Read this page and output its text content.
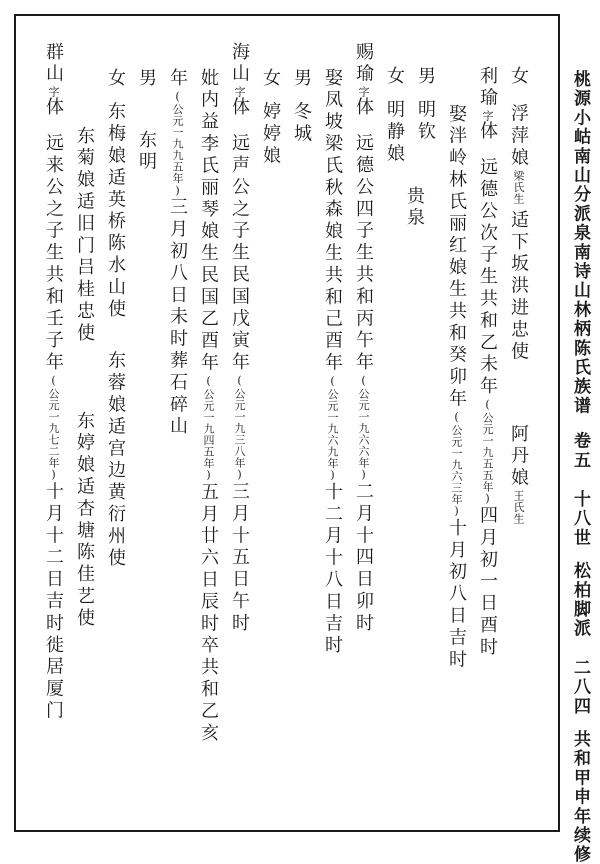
桃源小岵南山分派泉南诗山林柄陈氏族谱卷五十八世松柏脚派二八四共和甲申年续修
女浮萍娘梁氏生适下坂洪进忠使
利瑜字体远德公次子生共和乙未年(公元一九五五年)四月初一日酉时
阿丹娘王氏生
娶泮岭林氏丽红娘生共和癸卯年(公元一九六三年)十月初八日吉时
男明钦
贵泉
女明静娘
赐瑜字体远德公四子生共和丙午年(公元一九六六年)二月十四日卯时
娶凤坡梁氏秋森娘生共和己酉年(公元一九六九年)十二月十八日吉时
男冬城
女婷婷娘
海山字体远声公之子生民国戊寅年(公元一九三八年)三月十五日午时
妣内益李氏丽琴娘生民国乙酉年(公元一九四五年)五月廿六日辰时卒共和乙亥
年(公元一九九五年)三月初八日未时葬石碎山
男
东明
女东梅娘适英桥陈水山使东蓉娘适宫边黄衍州使
东菊娘适旧门吕桂忠使东婷娘适杏塘陈佳艺使
群山字体远来公之子生共和壬子年(公元一九七二年)十月十二日吉时徙居厦门
